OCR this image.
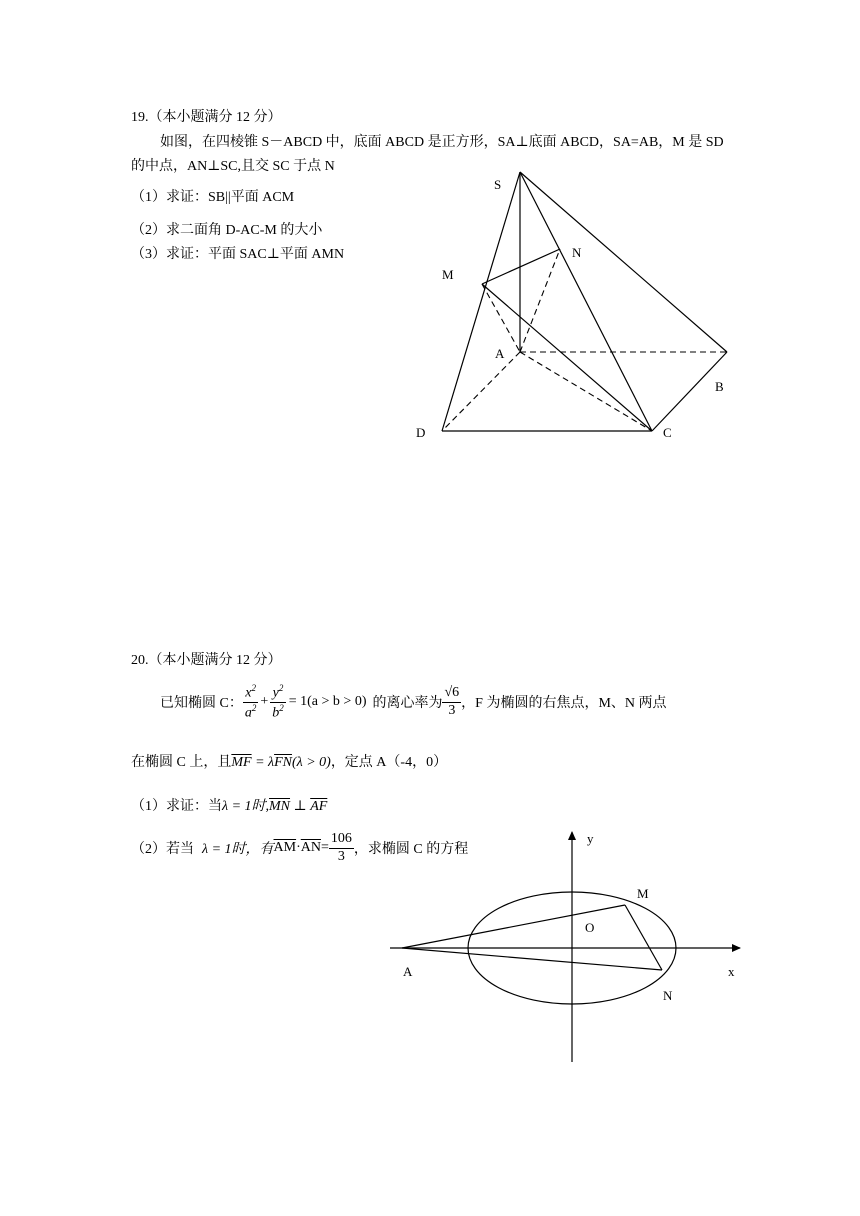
19.（本小题满分 12 分）
如图，在四棱锥 S－ABCD 中，底面 ABCD 是正方形，SA⊥底面 ABCD，SA=AB，M 是 SD
的中点，AN⊥SC,且交 SC 于点 N
（1）求证：SB||平面 ACM
（2）求二面角 D-AC-M 的大小
（3）求证：平面 SAC⊥平面 AMN
S
N
M
A
B
D	C
20.（本小题满分 12 分）
已知椭圆 C： $\frac{x^2}{a^2} + \frac{y^2}{b^2} = 1(a > b > 0)$ 的离心率为 $\frac{√6}{3}$ ，F 为椭圆的右焦点，M、N 两点
在椭圆 C 上，且$\overline{MF} = \lambda\overline{FN}(\lambda > 0)$，定点 A（-4，0）
（1）求证：当λ = 1时$,\overline{MN}$ ⊥ $\overline{AF}$
（2）若当 λ = 1时，有 $\overline{AM} \cdot \overline{AN} = \frac{106}{3}$ ，求椭圆 C 的方程
y
x
O
M
A
N
